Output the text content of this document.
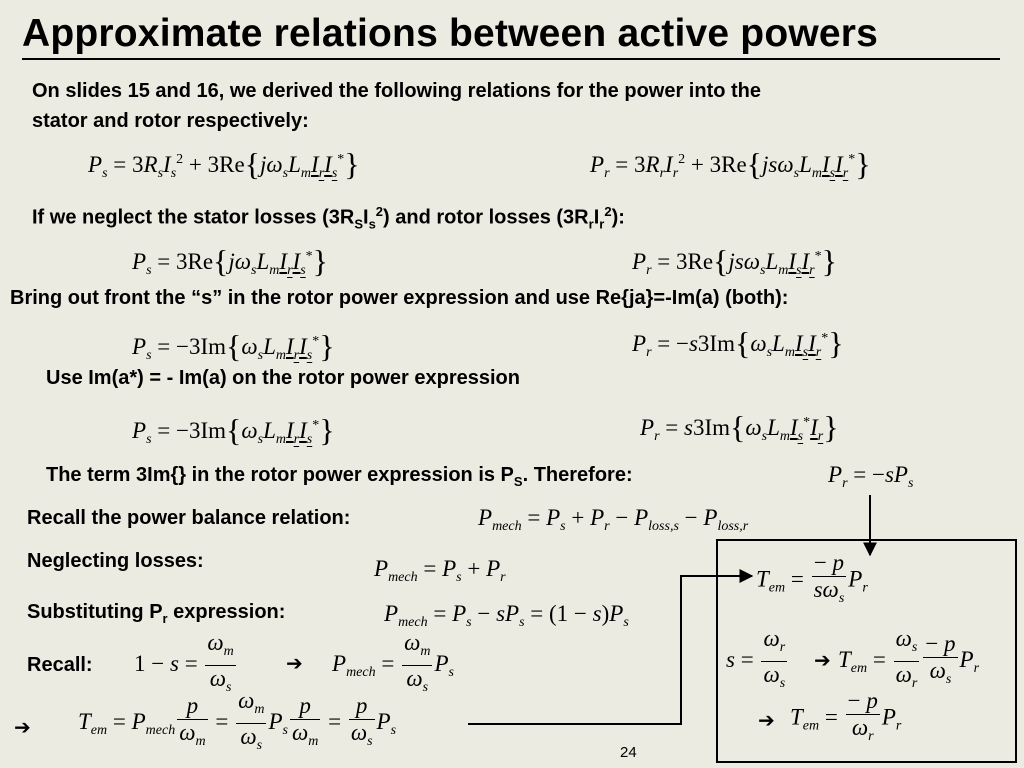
Approximate relations between active powers
On slides 15 and 16, we derived the following relations for the power into the
stator and rotor respectively:
$P_s = 3R_sI_s^2 + 3Re\{j\omega_sL_mI_rI_s^*\}$	$P_r = 3R_rI_r^2 + 3Re\{js\omega_sL_mI_sI_r^*\}$
If we neglect the stator losses $(3R_SI_s^2)$ and rotor losses $(3R_rI_r^2)$:
$P_s = 3Re\{j\omega_sL_mI_rI_s^*\}$	$P_r = 3Re\{js\omega_sL_mI_sI_r^*\}$
Bring out front the “s” in the rotor power expression and use Re{ja}=-Im(a) (both):
$P_s = -3Im\{\omega_sL_mI_rI_s^*\}$	$P_r = -s3Im\{\omega_sL_mI_sI_r^*\}$
Use Im(a*) = - Im(a) on the rotor power expression
$P_s = -3Im\{\omega_sL_mI_rI_s^*\}$	$P_r = s3Im\{\omega_sL_mI_s^*I_r\}$
The term 3Im{} in the rotor power expression is $P_S$. Therefore:	$P_r = -sP_s$
Recall the power balance relation:	$P_{mech} = P_s + P_r - P_{loss,s} - P_{loss,r}$
Neglecting losses:	$P_{mech} = P_s + P_r$
Substituting $P_r$ expression:	$P_{mech} = P_s - sP_s = (1 - s)P_s$
Recall: $1 - s = \frac{\omega_m}{\omega_s}$	➔ $P_{mech} = \frac{\omega_m}{\omega_s} P_s$
➔ $T_{em} = P_{mech} \frac{p}{\omega_m} = \frac{\omega_m}{\omega_s} P_s \frac{p}{\omega_m} = \frac{p}{\omega_s} P_s$
$T_{em} = \frac{- p}{s\omega_s} P_r$
$s = \frac{\omega_r}{\omega_s}$ ➔ $T_{em} = \frac{\omega_s}{\omega_r} \frac{- p}{\omega_s} P_r$
➔ $T_{em} = \frac{- p}{\omega_r} P_r$
24
